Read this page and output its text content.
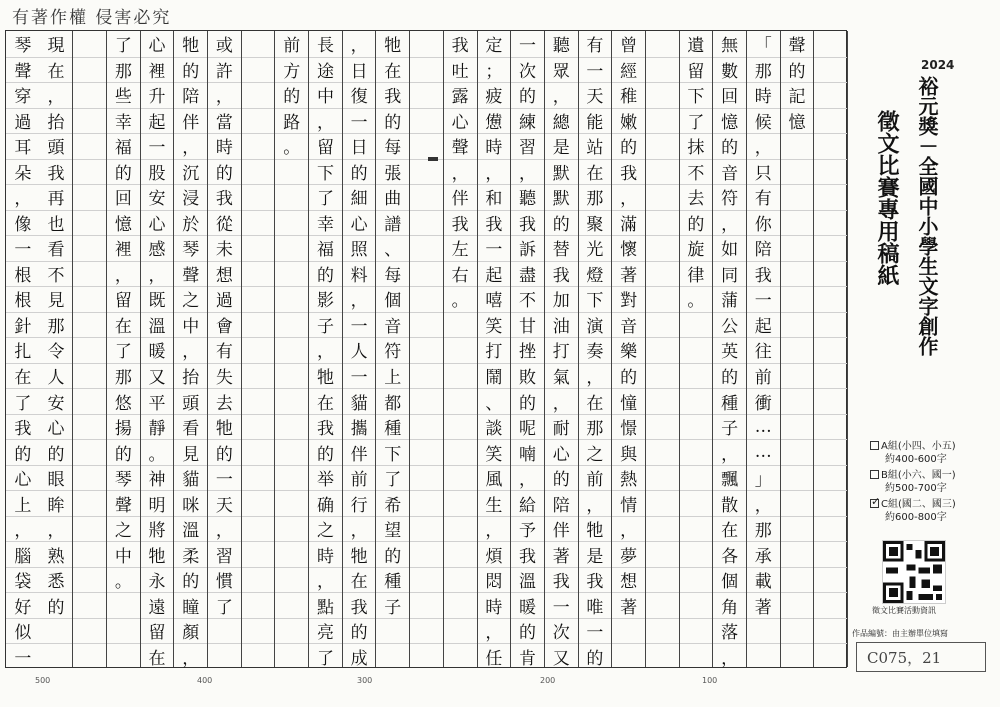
有著作權 侵害必究
聲
的
記
憶
「
那
時
候
，
只
有
你
陪
我
一
起
往
前
衝
…
…
」
，
那
承
載
著
無
數
回
憶
的
音
符
，
如
同
蒲
公
英
的
種
子
，
飄
散
在
各
個
角
落
，
遺
留
下
了
抹
不
去
的
旋
律
。
曾
經
稚
嫩
的
我
，
滿
懷
著
對
音
樂
的
憧
憬
與
熱
情
，
夢
想
著
有
一
天
能
站
在
那
聚
光
燈
下
演
奏
，
在
那
之
前
，
牠
是
我
唯
一
的
聽
眾
，
總
是
默
默
的
替
我
加
油
打
氣
，
耐
心
的
陪
伴
著
我
一
次
又
一
次
的
練
習
，
聽
我
訴
盡
不
甘
挫
敗
的
呢
喃
，
給
予
我
溫
暖
的
肯
定
；
疲
憊
時
，
和
我
一
起
嘻
笑
打
鬧
、
談
笑
風
生
，
煩
悶
時
，
任
我
吐
露
心
聲
，
伴
我
左
右
。
牠
在
我
的
每
張
曲
譜
、
每
個
音
符
上
都
種
下
了
希
望
的
種
子
，
日
復
一
日
的
細
心
照
料
，
一
人
一
貓
攜
伴
前
行
，
牠
在
我
的
成
長
途
中
，
留
下
了
幸
福
的
影
子
，
牠
在
我
的
举
确
之
時
，
點
亮
了
前
方
的
路
。
或
許
，
當
時
的
我
從
未
想
過
會
有
失
去
牠
的
一
天
，
習
慣
了
牠
的
陪
伴
，
沉
浸
於
琴
聲
之
中
，
抬
頭
看
見
貓
咪
溫
柔
的
瞳
顏
，
心
裡
升
起
一
股
安
心
感
，
既
溫
暖
又
平
靜
。
神
明
將
牠
永
遠
留
在
了
那
些
幸
福
的
回
憶
裡
，
留
在
了
那
悠
揚
的
琴
聲
之
中
。
現
在
，
抬
頭
我
再
也
看
不
見
那
令
人
安
心
的
眼
眸
，
熟
悉
的
琴
聲
穿
過
耳
朵
，
像
一
根
根
針
扎
在
了
我
的
心
上
，
腦
袋
好
似
一
500	400	300	200	100
2024
裕元獎－全國中小學生文字創作
徵文比賽專用稿紙
A組(小四、小五)
約400-600字
B組(小六、國一)
約500-700字
✓
C組(國二、國三)
約600-800字
徵文比賽活動資訊
作品編號：由主辦單位填寫
C075，21
